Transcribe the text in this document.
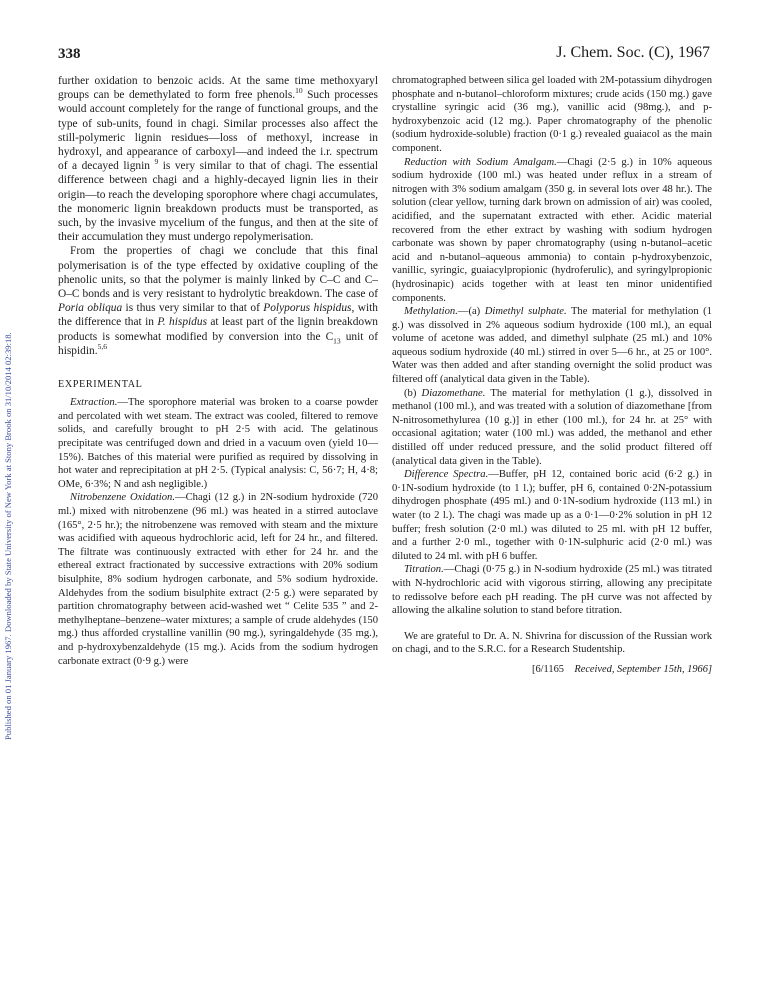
Published on 01 January 1967. Downloaded by State University of New York at Stony Brook on 31/10/2014 02:39:18.
338	J. Chem. Soc. (C), 1967

further oxidation to benzoic acids. At the same time methoxyaryl groups can be demethylated to form free phenols.$^{10}$ Such processes would account completely for the range of functional groups, and the type of sub-units, found in chagi. Similar processes also affect the still-polymeric lignin residues—loss of methoxyl, increase in hydroxyl, and appearance of carboxyl—and indeed the i.r. spectrum of a decayed lignin $^9$ is very similar to that of chagi. The essential difference between chagi and a highly-decayed lignin lies in their origin—to reach the developing sporophore where chagi accumulates, the monomeric lignin breakdown products must be transported, as such, by the invasive mycelium of the fungus, and then at the site of their accumulation they must undergo repolymerisation.

From the properties of chagi we conclude that this final polymerisation is of the type effected by oxidative coupling of the phenolic units, so that the polymer is mainly linked by C–C and C–O–C bonds and is very resistant to hydrolytic breakdown. The case of Poria obliqua is thus very similar to that of Polyporus hispidus, with the difference that in P. hispidus at least part of the lignin breakdown products is somewhat modified by conversion into the $C_{13}$ unit of hispidin.$^{5,6}$

EXPERIMENTAL

Extraction.—The sporophore material was broken to a coarse powder and percolated with wet steam. The extract was cooled, filtered to remove solids, and carefully brought to pH 2·5 with acid. The gelatinous precipitate was centrifuged down and dried in a vacuum oven (yield 10—15%). Batches of this material were purified as required by dissolving in hot water and reprecipitation at pH 2·5. (Typical analysis: C, 56·7; H, 4·8; OMe, 6·3%; N and ash negligible.)

Nitrobenzene Oxidation.—Chagi (12 g.) in 2N-sodium hydroxide (720 ml.) mixed with nitrobenzene (96 ml.) was heated in a stirred autoclave (165°, 2·5 hr.); the nitrobenzene was removed with steam and the mixture was acidified with aqueous hydrochloric acid, left for 24 hr., and filtered. The filtrate was continuously extracted with ether for 24 hr. and the ethereal extract fractionated by successive extractions with 20% sodium bisulphite, 8% sodium hydrogen carbonate, and 5% sodium hydroxide. Aldehydes from the sodium bisulphite extract (2·5 g.) were separated by partition chromatography between acid-washed wet “ Celite 535 ” and 2-methylheptane–benzene–water mixtures; a sample of crude aldehydes (150 mg.) thus afforded crystalline vanillin (90 mg.), syringaldehyde (35 mg.), and p-hydroxybenzaldehyde (15 mg.). Acids from the sodium hydrogen carbonate extract (0·9 g.) were

chromatographed between silica gel loaded with 2M-potassium dihydrogen phosphate and n-butanol–chloroform mixtures; crude acids (150 mg.) gave crystalline syringic acid (36 mg.), vanillic acid (98mg.), and p-hydroxybenzoic acid (12 mg.). Paper chromatography of the phenolic (sodium hydroxide-soluble) fraction (0·1 g.) revealed guaiacol as the main component.

Reduction with Sodium Amalgam.—Chagi (2·5 g.) in 10% aqueous sodium hydroxide (100 ml.) was heated under reflux in a stream of nitrogen with 3% sodium amalgam (350 g. in several lots over 48 hr.). The solution (clear yellow, turning dark brown on admission of air) was cooled, acidified, and the supernatant extracted with ether. Acidic material recovered from the ether extract by washing with sodium hydrogen carbonate was shown by paper chromatography (using n-butanol–acetic acid and n-butanol–aqueous ammonia) to contain p-hydroxybenzoic, vanillic, syringic, guaiacylpropionic (hydroferulic), and syringylpropionic (hydrosinapic) acids together with at least ten minor unidentified components.

Methylation.—(a) Dimethyl sulphate. The material for methylation (1 g.) was dissolved in 2% aqueous sodium hydroxide (100 ml.), an equal volume of acetone was added, and dimethyl sulphate (25 ml.) and 10% aqueous sodium hydroxide (40 ml.) stirred in over 5—6 hr., at 25 or 100°. Water was then added and after standing overnight the solid product was filtered off (analytical data given in the Table).

(b) Diazomethane. The material for methylation (1 g.), dissolved in methanol (100 ml.), and was treated with a solution of diazomethane [from N-nitrosomethylurea (10 g.)] in ether (100 ml.), for 24 hr. at 25° with occasional agitation; water (100 ml.) was added, the methanol and ether distilled off under reduced pressure, and the solid product filtered off (analytical data given in the Table).

Difference Spectra.—Buffer, pH 12, contained boric acid (6·2 g.) in 0·1N-sodium hydroxide (to 1 l.); buffer, pH 6, contained 0·2N-potassium dihydrogen phosphate (495 ml.) and 0·1N-sodium hydroxide (113 ml.) in water (to 2 l.). The chagi was made up as a 0·1—0·2% solution in pH 12 buffer; fresh solution (2·0 ml.) was diluted to 25 ml. with pH 12 buffer, and a further 2·0 ml., together with 0·1N-sulphuric acid (2·0 ml.) was diluted to 24 ml. with pH 6 buffer.

Titration.—Chagi (0·75 g.) in N-sodium hydroxide (25 ml.) was titrated with N-hydrochloric acid with vigorous stirring, allowing any precipitate to redissolve before each pH reading. The pH curve was not affected by allowing the alkaline solution to stand before titration.

We are grateful to Dr. A. N. Shivrina for discussion of the Russian work on chagi, and to the S.R.C. for a Research Studentship.

[6/1165 Received, September 15th, 1966]
